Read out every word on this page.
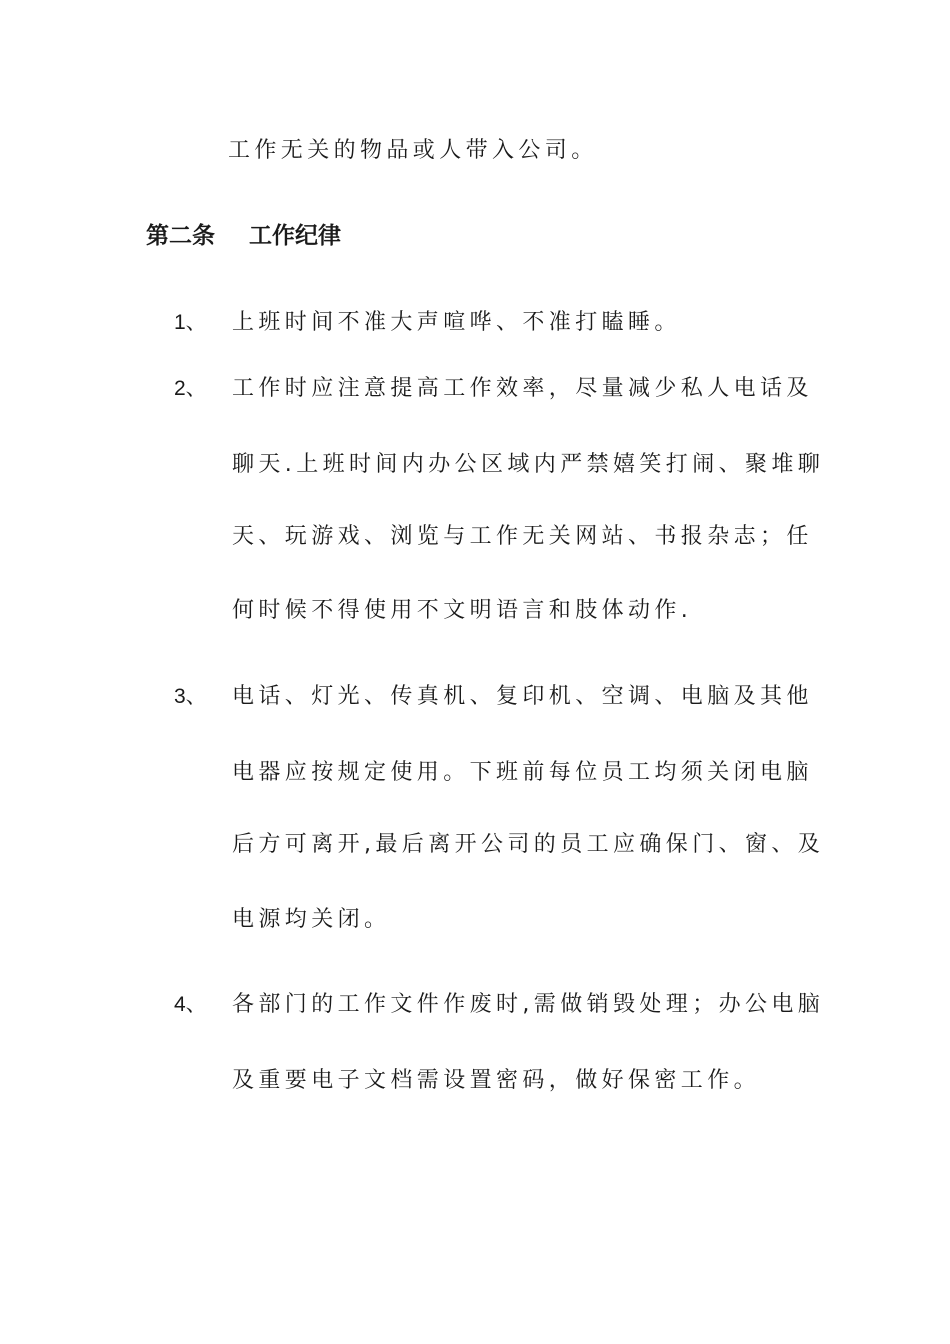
工作无关的物品或人带入公司。
第二条 工作纪律
1、 上班时间不准大声喧哗、不准打瞌睡。
2、 工作时应注意提高工作效率，尽量减少私人电话及
聊天.上班时间内办公区域内严禁嬉笑打闹、聚堆聊
天、玩游戏、浏览与工作无关网站、书报杂志；任
何时候不得使用不文明语言和肢体动作.
3、 电话、灯光、传真机、复印机、空调、电脑及其他
电器应按规定使用。下班前每位员工均须关闭电脑
后方可离开,最后离开公司的员工应确保门、窗、及
电源均关闭。
4、 各部门的工作文件作废时,需做销毁处理；办公电脑
及重要电子文档需设置密码，做好保密工作。
